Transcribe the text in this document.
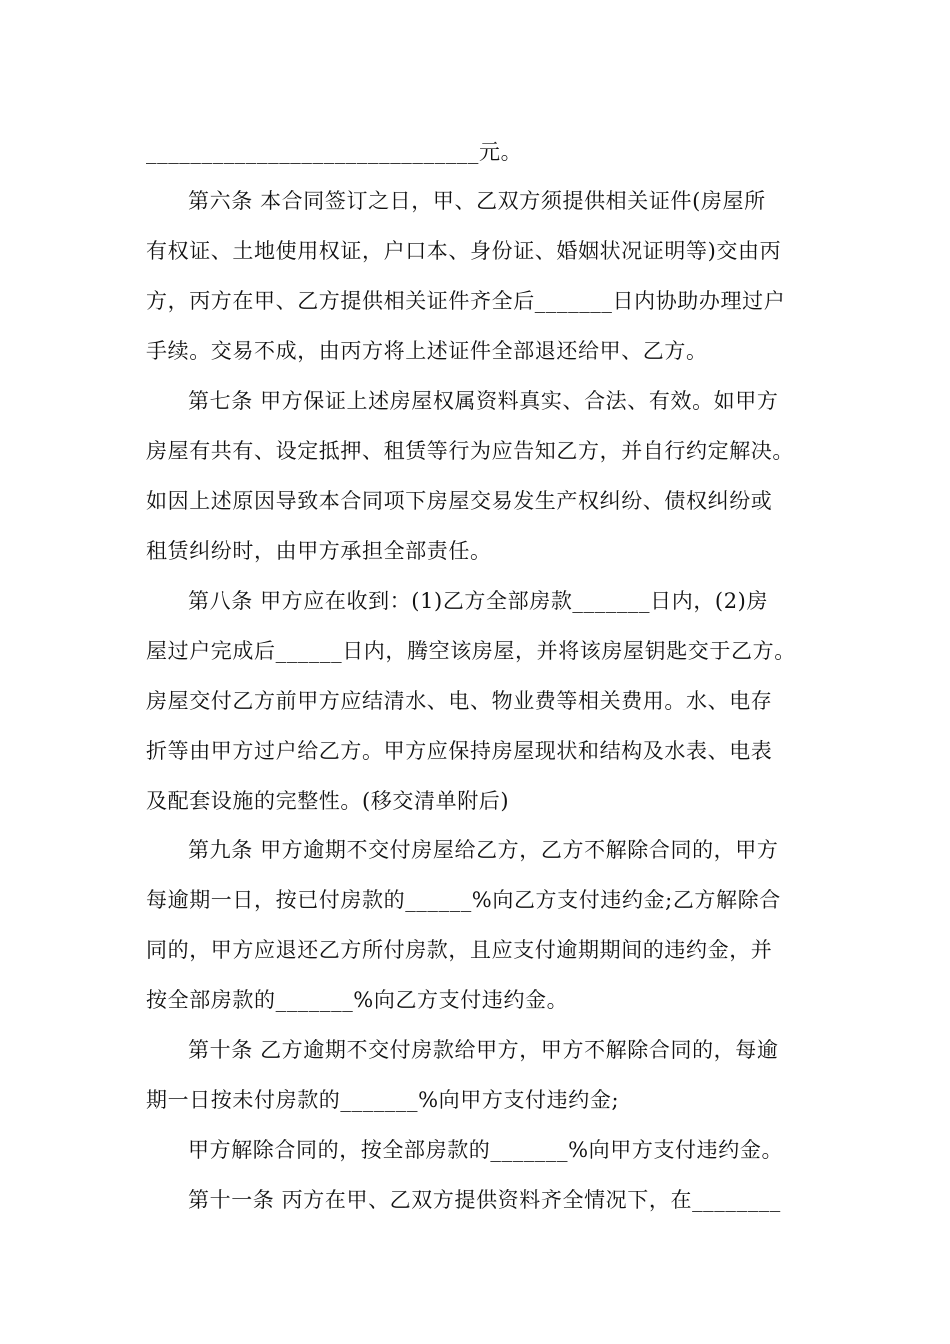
______________________________元。
第六条 本合同签订之日，甲、乙双方须提供相关证件(房屋所
有权证、土地使用权证，户口本、身份证、婚姻状况证明等)交由丙
方，丙方在甲、乙方提供相关证件齐全后_______日内协助办理过户
手续。交易不成，由丙方将上述证件全部退还给甲、乙方。
第七条 甲方保证上述房屋权属资料真实、合法、有效。如甲方
房屋有共有、设定抵押、租赁等行为应告知乙方，并自行约定解决。
如因上述原因导致本合同项下房屋交易发生产权纠纷、债权纠纷或
租赁纠纷时，由甲方承担全部责任。
第八条 甲方应在收到：(1)乙方全部房款_______日内，(2)房
屋过户完成后______日内，腾空该房屋，并将该房屋钥匙交于乙方。
房屋交付乙方前甲方应结清水、电、物业费等相关费用。水、电存
折等由甲方过户给乙方。甲方应保持房屋现状和结构及水表、电表
及配套设施的完整性。(移交清单附后)
第九条 甲方逾期不交付房屋给乙方，乙方不解除合同的，甲方
每逾期一日，按已付房款的______%向乙方支付违约金;乙方解除合
同的，甲方应退还乙方所付房款，且应支付逾期期间的违约金，并
按全部房款的_______%向乙方支付违约金。
第十条 乙方逾期不交付房款给甲方，甲方不解除合同的，每逾
期一日按未付房款的_______%向甲方支付违约金;
甲方解除合同的，按全部房款的_______%向甲方支付违约金。
第十一条 丙方在甲、乙双方提供资料齐全情况下，在________
